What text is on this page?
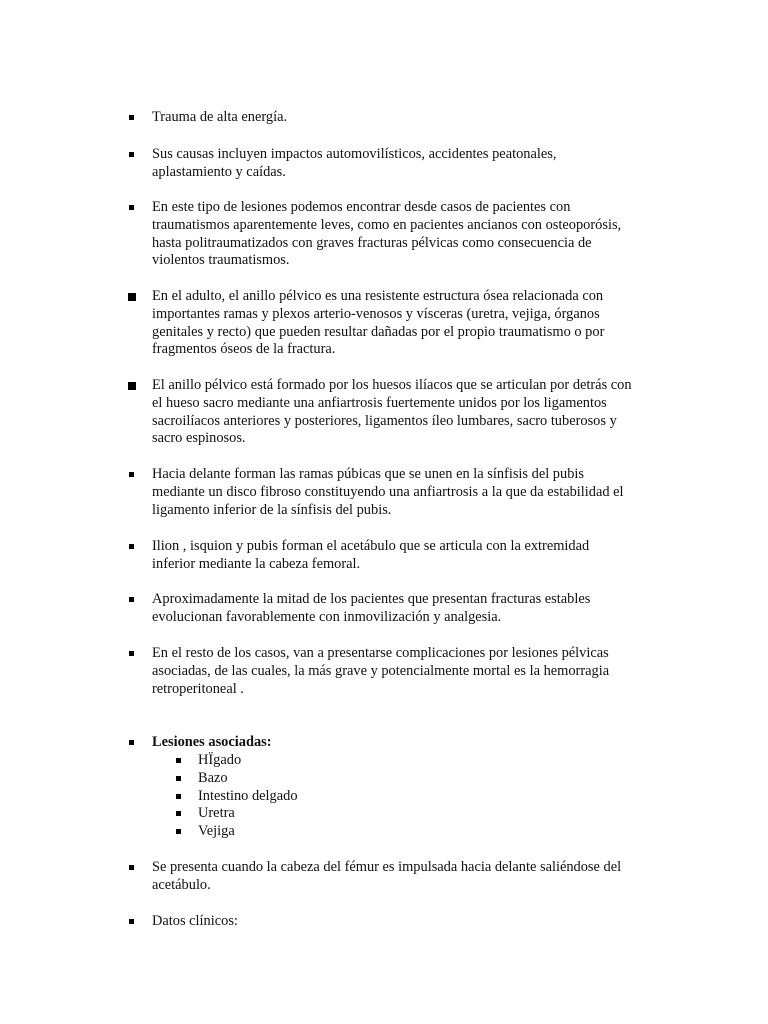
Trauma de alta energía.
Sus causas incluyen impactos automovilísticos, accidentes peatonales,
aplastamiento y caídas.
En este tipo de lesiones podemos encontrar desde casos de pacientes con
traumatismos aparentemente leves, como en pacientes ancianos con osteoporósis,
hasta politraumatizados con graves fracturas pélvicas como consecuencia de
violentos traumatismos.
En el adulto, el anillo pélvico es una resistente estructura ósea relacionada con
importantes ramas y plexos arterio-venosos y vísceras (uretra, vejiga, órganos
genitales y recto) que pueden resultar dañadas por el propio traumatismo o por
fragmentos óseos de la fractura.
El anillo pélvico está formado por los huesos ilíacos que se articulan por detrás con
el hueso sacro mediante una anfiartrosis fuertemente unidos por los ligamentos
sacroilíacos anteriores y posteriores, ligamentos íleo lumbares, sacro tuberosos y
sacro espinosos.
Hacia delante forman las ramas púbicas que se unen en la sínfisis del pubis
mediante un disco fibroso constituyendo una anfiartrosis a la que da estabilidad el
ligamento inferior de la sínfisis del pubis.
Ilion , isquion y pubis forman el acetábulo que se articula con la extremidad
inferior mediante la cabeza femoral.
Aproximadamente la mitad de los pacientes que presentan fracturas estables
evolucionan favorablemente con inmovilización y analgesia.
En el resto de los casos, van a presentarse complicaciones por lesiones pélvicas
asociadas, de las cuales, la más grave y potencialmente mortal es la hemorragia
retroperitoneal .
Lesiones asociadas:
HÏgado
Bazo
Intestino delgado
Uretra
Vejiga
Se presenta cuando la cabeza del fémur es impulsada hacia delante saliéndose del
acetábulo.
Datos clínicos:
